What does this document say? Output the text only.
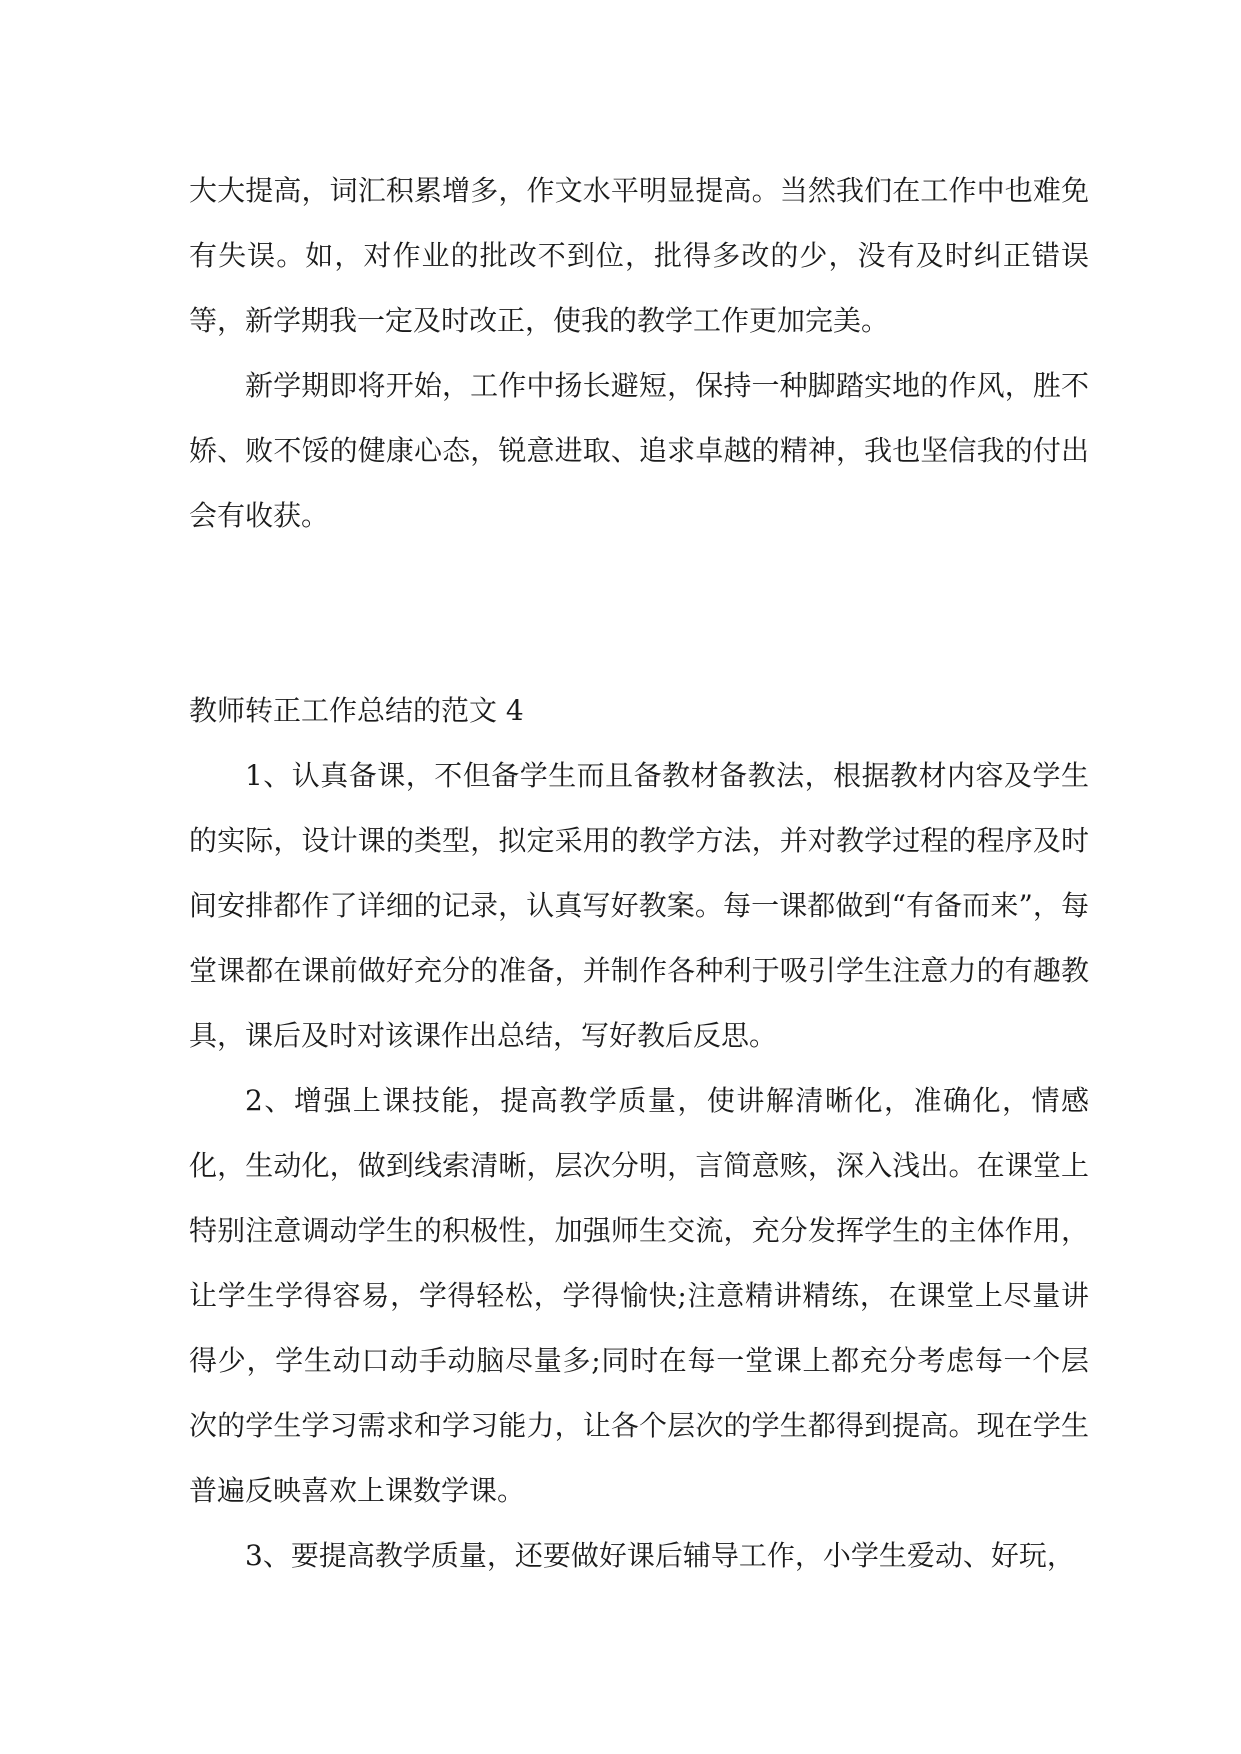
大大提高，词汇积累增多，作文水平明显提高。当然我们在工作中也难免有失误。如，对作业的批改不到位，批得多改的少，没有及时纠正错误等，新学期我一定及时改正，使我的教学工作更加完美。

新学期即将开始，工作中扬长避短，保持一种脚踏实地的作风，胜不娇、败不馁的健康心态，锐意进取、追求卓越的精神，我也坚信我的付出会有收获。

教师转正工作总结的范文 4

1、认真备课，不但备学生而且备教材备教法，根据教材内容及学生的实际，设计课的类型，拟定采用的教学方法，并对教学过程的程序及时间安排都作了详细的记录，认真写好教案。每一课都做到“有备而来”，每堂课都在课前做好充分的准备，并制作各种利于吸引学生注意力的有趣教具，课后及时对该课作出总结，写好教后反思。

2、增强上课技能，提高教学质量，使讲解清晰化，准确化，情感化，生动化，做到线索清晰，层次分明，言简意赅，深入浅出。在课堂上特别注意调动学生的积极性，加强师生交流，充分发挥学生的主体作用，让学生学得容易，学得轻松，学得愉快;注意精讲精练，在课堂上尽量讲得少，学生动口动手动脑尽量多;同时在每一堂课上都充分考虑每一个层次的学生学习需求和学习能力，让各个层次的学生都得到提高。现在学生普遍反映喜欢上课数学课。

3、要提高教学质量，还要做好课后辅导工作，小学生爱动、好玩，
